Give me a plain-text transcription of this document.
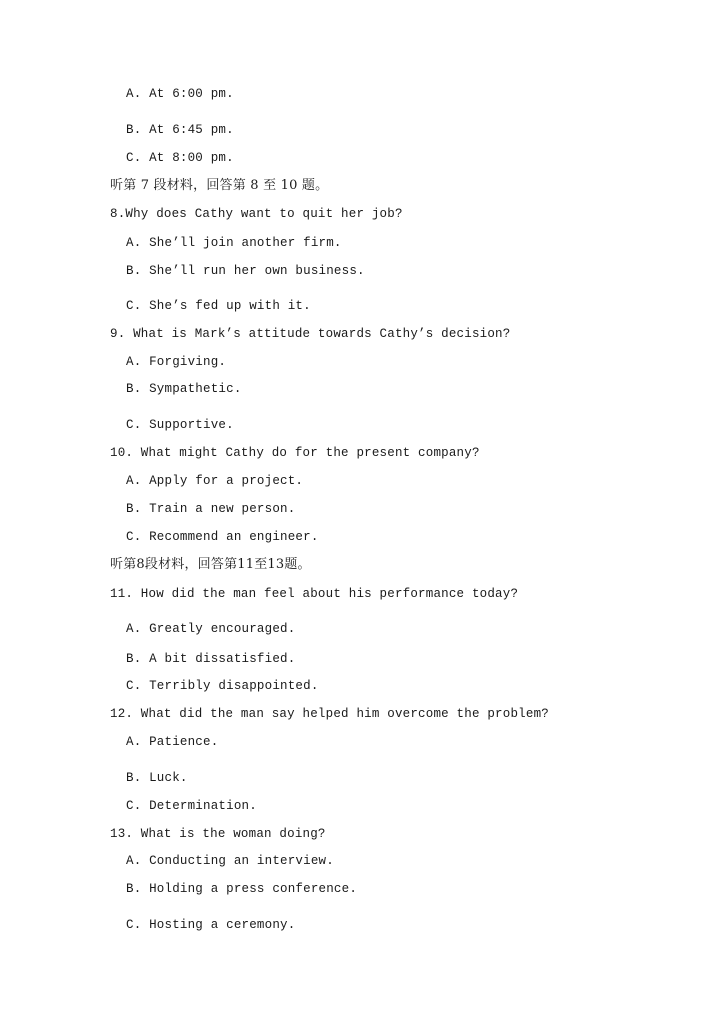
A. At 6:00 pm.
B. At 6:45 pm.
C. At 8:00 pm.
听第 7 段材料，回答第 8 至 10 题。
8.Why does Cathy want to quit her job?
A. She’ll join another firm.
B. She’ll run her own business.
C. She’s fed up with it.
9. What is Mark’s attitude towards Cathy’s decision?
A. Forgiving.
B. Sympathetic.
C. Supportive.
10. What might Cathy do for the present company?
A. Apply for a project.
B. Train a new person.
C. Recommend an engineer.
听第8段材料，回答第11至13题。
11. How did the man feel about his performance today?
A. Greatly encouraged.
B. A bit dissatisfied.
C. Terribly disappointed.
12. What did the man say helped him overcome the problem?
A. Patience.
B. Luck.
C. Determination.
13. What is the woman doing?
A. Conducting an interview.
B. Holding a press conference.
C. Hosting a ceremony.
